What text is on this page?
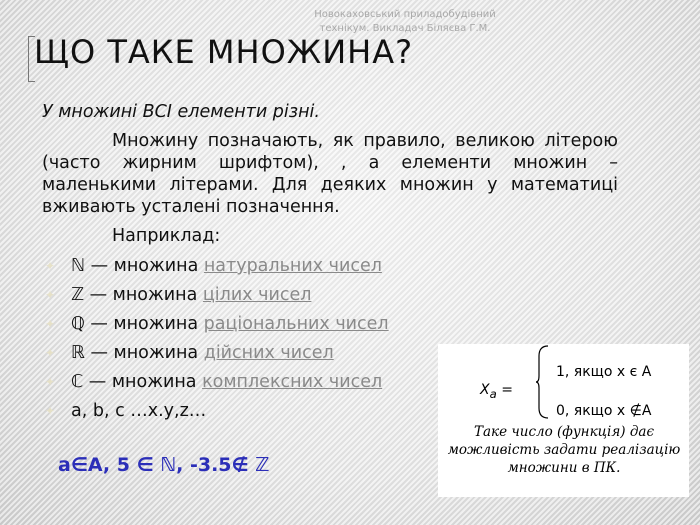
Новокаховський приладобудівний
технікум. Викладач Біляєва Г.М.
ЩО ТАКЕ МНОЖИНА?

У множині ВСІ елементи різні.

Множину позначають, як правило, великою літерою (часто жирним шрифтом), , а елементи множин – маленькими літерами. Для деяких множин у математиці вживають усталені позначення.

Наприклад:

✦ ℕ — множина натуральних чисел
✦ ℤ — множина цілих чисел
✦ ℚ — множина раціональних чисел
✦ ℝ — множина дійсних чисел
✦ ℂ — множина комплексних чисел
✦ a, b, c …x.y,z…
a∈A, 5 ∈ ℕ, -3.5∉ ℤ
$X_a$ =
1, якщо x є A
0, якщо x ∉A
Таке число (функція) дає можливість задати реалізацію множини в ПК.
